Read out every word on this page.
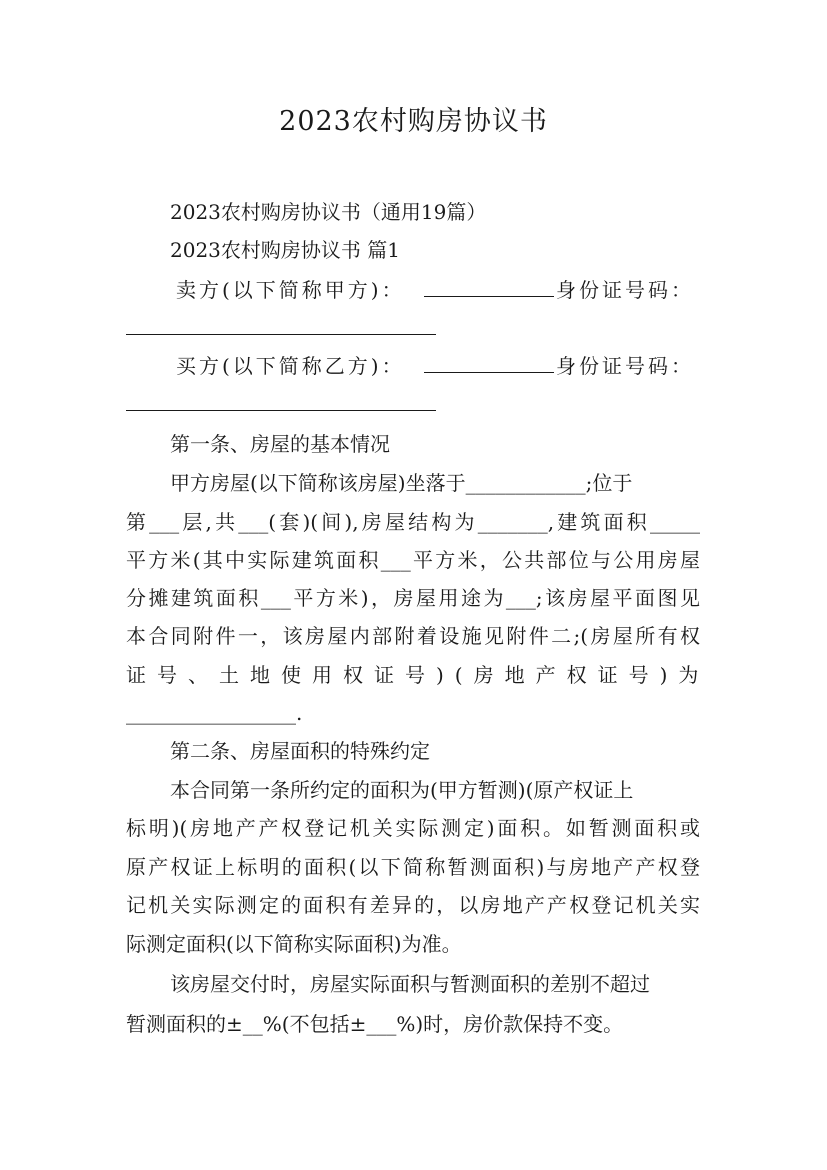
2023农村购房协议书
2023农村购房协议书（通用19篇）
2023农村购房协议书 篇1
卖方(以下简称甲方)：	身份证号码：
买方(以下简称乙方)：	身份证号码：
第一条、房屋的基本情况
甲方房屋(以下简称该房屋)坐落于____________;位于
第___层,共___(套)(间),房屋结构为_______,建筑面积_____
平方米(其中实际建筑面积___平方米，公共部位与公用房屋
分摊建筑面积___平方米)，房屋用途为___;该房屋平面图见
本合同附件一，该房屋内部附着设施见附件二;(房屋所有权
证号、土地使用权证号)(房地产权证号)为
_________________.
第二条、房屋面积的特殊约定
本合同第一条所约定的面积为(甲方暂测)(原产权证上
标明)(房地产产权登记机关实际测定)面积。如暂测面积或
原产权证上标明的面积(以下简称暂测面积)与房地产产权登
记机关实际测定的面积有差异的，以房地产产权登记机关实
际测定面积(以下简称实际面积)为准。
该房屋交付时，房屋实际面积与暂测面积的差别不超过
暂测面积的±__%(不包括±___%)时，房价款保持不变。
